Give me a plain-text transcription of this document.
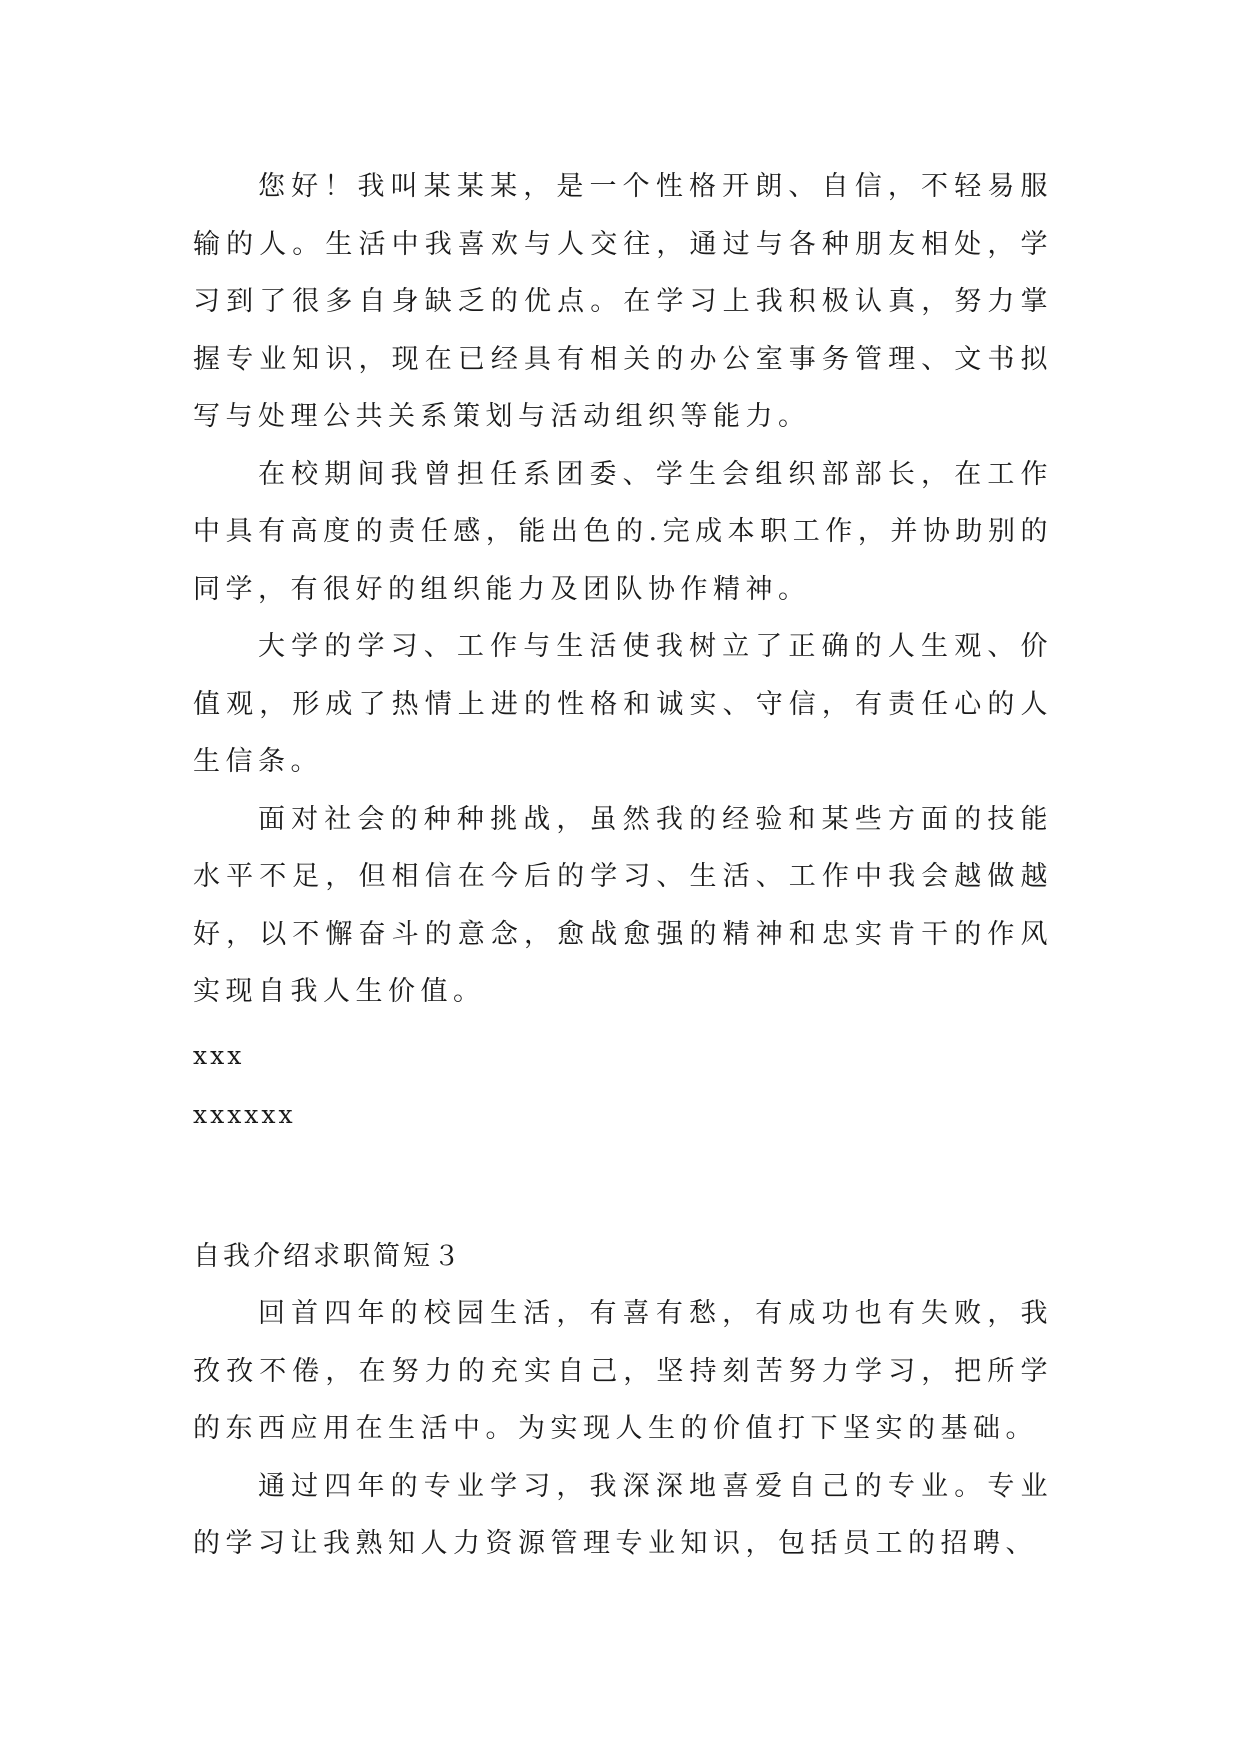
您好！我叫某某某，是一个性格开朗、自信，不轻易服输的人。生活中我喜欢与人交往，通过与各种朋友相处，学习到了很多自身缺乏的优点。在学习上我积极认真，努力掌握专业知识，现在已经具有相关的办公室事务管理、文书拟写与处理公共关系策划与活动组织等能力。

在校期间我曾担任系团委、学生会组织部部长，在工作中具有高度的责任感，能出色的.完成本职工作，并协助别的同学，有很好的组织能力及团队协作精神。

大学的学习、工作与生活使我树立了正确的人生观、价值观，形成了热情上进的性格和诚实、守信，有责任心的人生信条。

面对社会的种种挑战，虽然我的经验和某些方面的技能水平不足，但相信在今后的学习、生活、工作中我会越做越好，以不懈奋斗的意念，愈战愈强的精神和忠实肯干的作风实现自我人生价值。

xxx

xxxxxx

自我介绍求职简短３

回首四年的校园生活，有喜有愁，有成功也有失败，我孜孜不倦，在努力的充实自己，坚持刻苦努力学习，把所学的东西应用在生活中。为实现人生的价值打下坚实的基础。

通过四年的专业学习，我深深地喜爱自己的专业。专业的学习让我熟知人力资源管理专业知识，包括员工的招聘、
